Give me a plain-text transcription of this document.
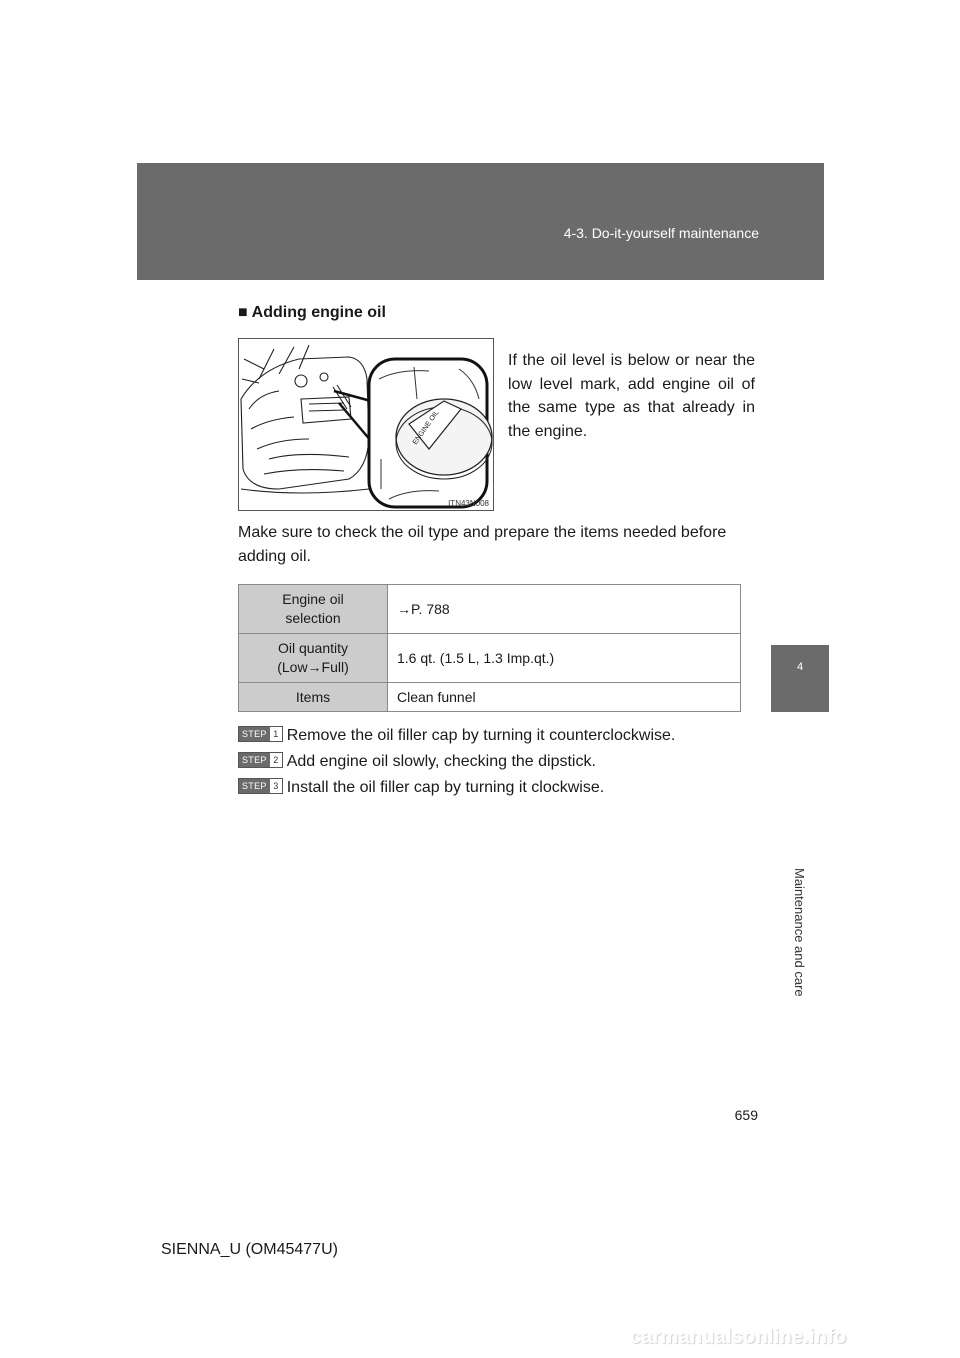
4-3. Do-it-yourself maintenance
4
Maintenance and care
■ Adding engine oil
ENGINE OIL
ITN43N008
If the oil level is below or near the low level mark, add engine oil of the same type as that already in the engine.
Make sure to check the oil type and prepare the items needed before adding oil.
Engine oil
selection	→P. 788

Oil quantity
(Low→Full)	1.6 qt. (1.5 L, 1.3 Imp.qt.)

Items	Clean funnel
STEP 1 Remove the oil filler cap by turning it counterclockwise.
STEP 2 Add engine oil slowly, checking the dipstick.
STEP 3 Install the oil filler cap by turning it clockwise.
659
SIENNA_U (OM45477U)
carmanualsonline.info
